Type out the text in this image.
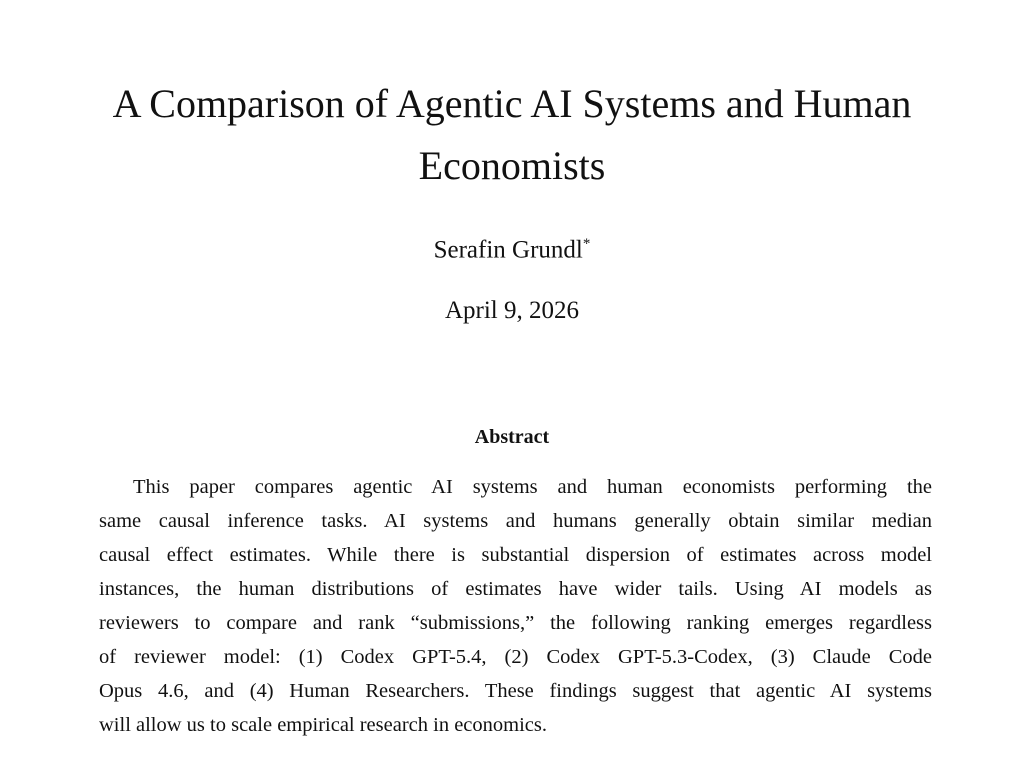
A Comparison of Agentic AI Systems and Human
Economists
Serafin Grundl*
April 9, 2026
Abstract
This paper compares agentic AI systems and human economists performing the
same causal inference tasks. AI systems and humans generally obtain similar median
causal effect estimates. While there is substantial dispersion of estimates across model
instances, the human distributions of estimates have wider tails. Using AI models as
reviewers to compare and rank “submissions,” the following ranking emerges regardless
of reviewer model: (1) Codex GPT-5.4, (2) Codex GPT-5.3-Codex, (3) Claude Code
Opus 4.6, and (4) Human Researchers. These findings suggest that agentic AI systems
will allow us to scale empirical research in economics.
